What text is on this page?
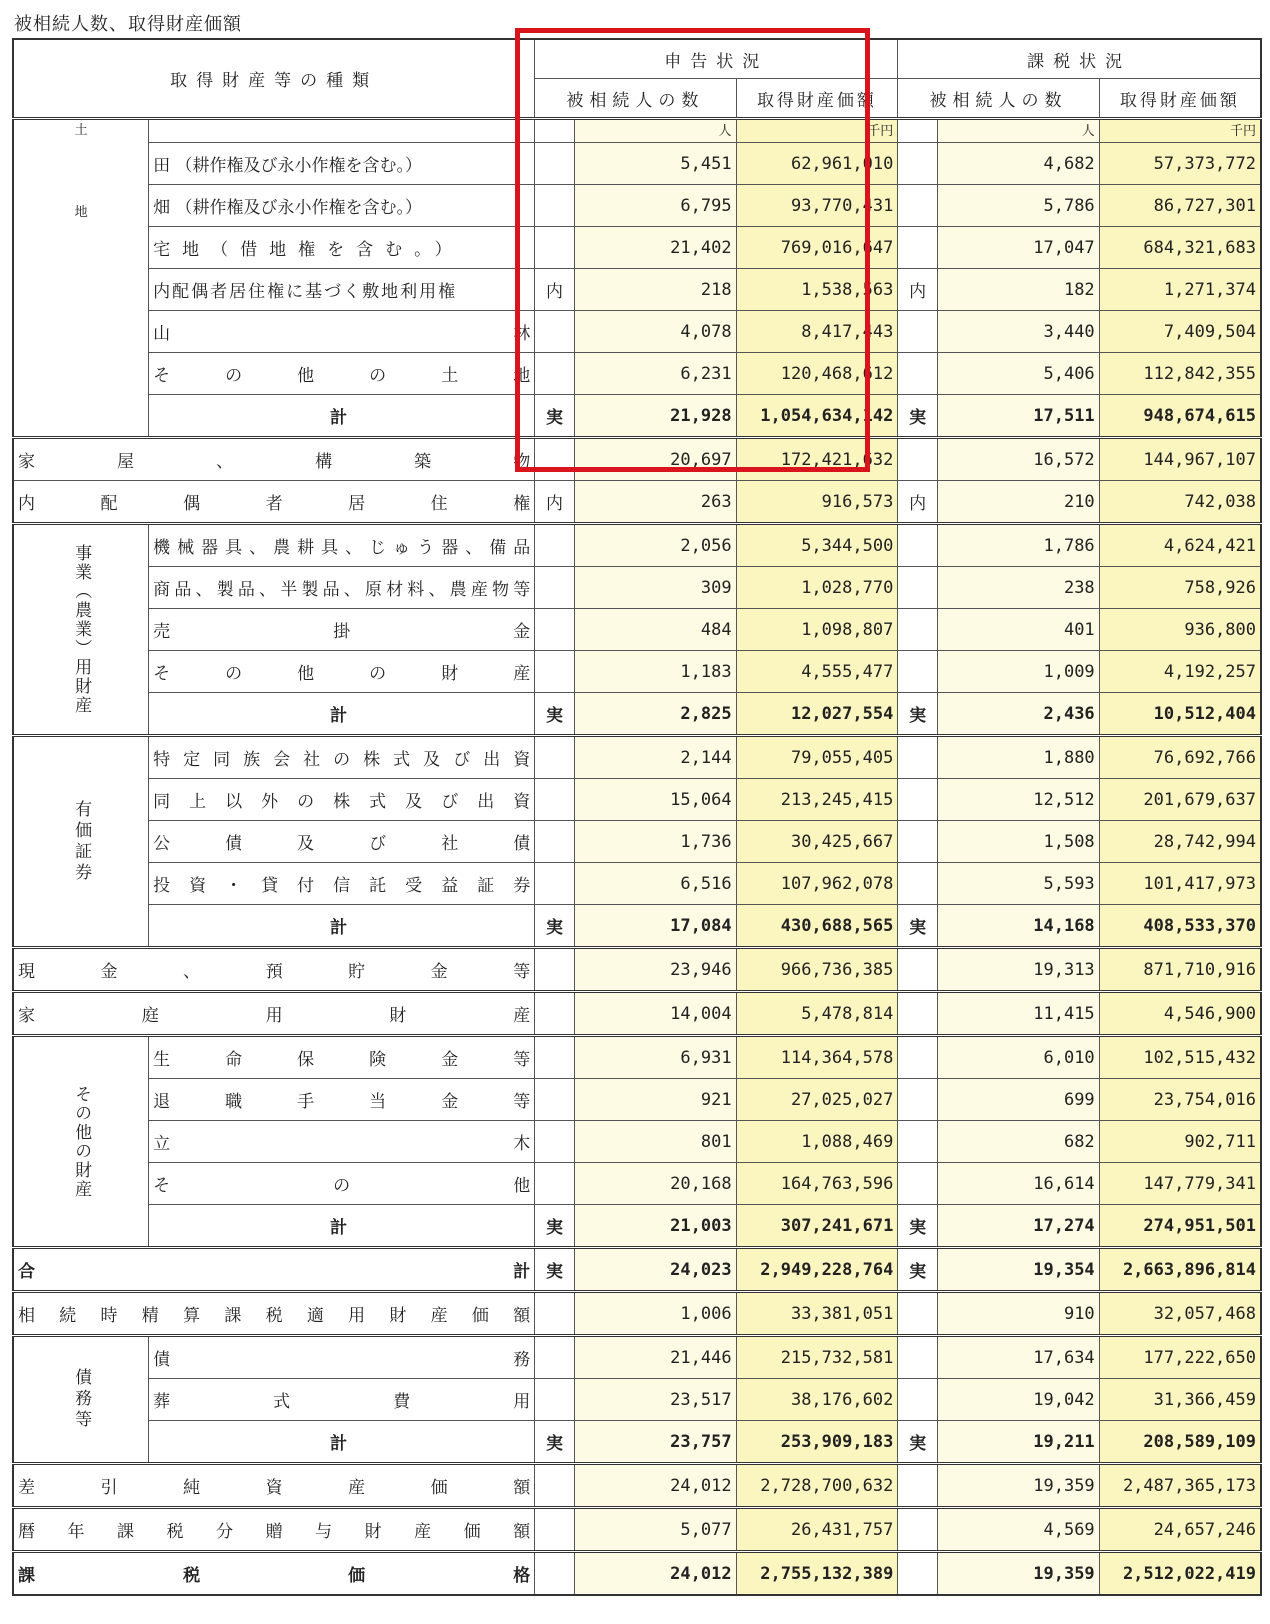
被相続人数、取得財産価額
取得財産等の種類		申告状況			課税状況		
		被相続人の数		取得財産価額	被相続人の数		取得財産価額

土
地			人	千円		人	千円
	田 （耕作権及び永小作権を含む。）		5,451	62,961,010		4,682	57,373,772
	畑 （耕作権及び永小作権を含む。）		6,795	93,770,431		5,786	86,727,301
	宅地（借地権を含む。）		21,402	769,016,647		17,047	684,321,683
	内配偶者居住権に基づく敷地利用権	内	218	1,538,563	内	182	1,271,374

	山林		4,078	8,417,443		3,440	7,409,504

	その他の土地		6,231	120,468,612		5,406	112,842,355
	計	実	21,928	1,054,634,142	実	17,511	948,674,615

家屋、構築物			20,697	172,421,632		16,572	144,967,107

内配偶者居住権		内	263	916,573	内	210	742,038
事業（農業）用財産	機械器具、農耕具、じゅう器、備品		2,056	5,344,500		1,786	4,624,421

	商品、製品、半製品、原材料、農産物等		309	1,028,770		238	758,926

	売掛金		484	1,098,807		401	936,800

	その他の財産		1,183	4,555,477		1,009	4,192,257
	計	実	2,825	12,027,554	実	2,436	10,512,404
有価証券	特定同族会社の株式及び出資		2,144	79,055,405		1,880	76,692,766

	同上以外の株式及び出資		15,064	213,245,415		12,512	201,679,637

	公債及び社債		1,736	30,425,667		1,508	28,742,994

	投資・貸付信託受益証券		6,516	107,962,078		5,593	101,417,973
	計	実	17,084	430,688,565	実	14,168	408,533,370

現金、預貯金等			23,946	966,736,385		19,313	871,710,916

家庭用財産			14,004	5,478,814		11,415	4,546,900
その他の財産	生命保険金等		6,931	114,364,578		6,010	102,515,432

	退職手当金等		921	27,025,027		699	23,754,016

	立木		801	1,088,469		682	902,711

	その他		20,168	164,763,596		16,614	147,779,341
	計	実	21,003	307,241,671	実	17,274	274,951,501

合計		実	24,023	2,949,228,764	実	19,354	2,663,896,814

相続時精算課税適用財産価額			1,006	33,381,051		910	32,057,468
債務等	債務		21,446	215,732,581		17,634	177,222,650

	葬式費用		23,517	38,176,602		19,042	31,366,459
	計	実	23,757	253,909,183	実	19,211	208,589,109

差引純資産価額			24,012	2,728,700,632		19,359	2,487,365,173

暦年課税分贈与財産価額			5,077	26,431,757		4,569	24,657,246

課税価格			24,012	2,755,132,389		19,359	2,512,022,419
